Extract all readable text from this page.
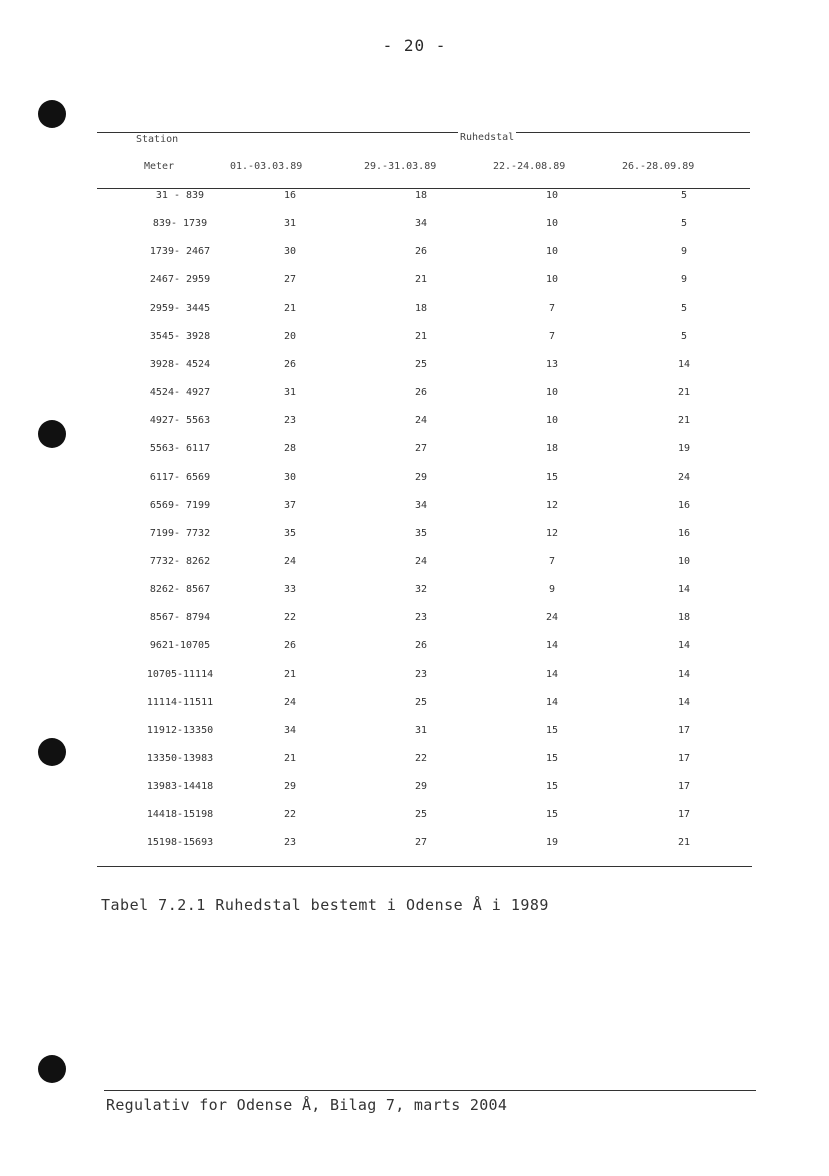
- 20 -
Station	Ruhedstal
Meter	01.-03.03.89	29.-31.03.89	22.-24.08.89	26.-28.09.89
31 - 839	16	18	10	5
839- 1739	31	34	10	5
1739- 2467	30	26	10	9
2467- 2959	27	21	10	9
2959- 3445	21	18	7	5
3545- 3928	20	21	7	5
3928- 4524	26	25	13	14
4524- 4927	31	26	10	21
4927- 5563	23	24	10	21
5563- 6117	28	27	18	19
6117- 6569	30	29	15	24
6569- 7199	37	34	12	16
7199- 7732	35	35	12	16
7732- 8262	24	24	7	10
8262- 8567	33	32	9	14
8567- 8794	22	23	24	18
9621-10705	26	26	14	14
10705-11114	21	23	14	14
11114-11511	24	25	14	14
11912-13350	34	31	15	17
13350-13983	21	22	15	17
13983-14418	29	29	15	17
14418-15198	22	25	15	17
15198-15693	23	27	19	21
Tabel 7.2.1 Ruhedstal bestemt i Odense Å i 1989
Regulativ for Odense Å, Bilag 7, marts 2004
